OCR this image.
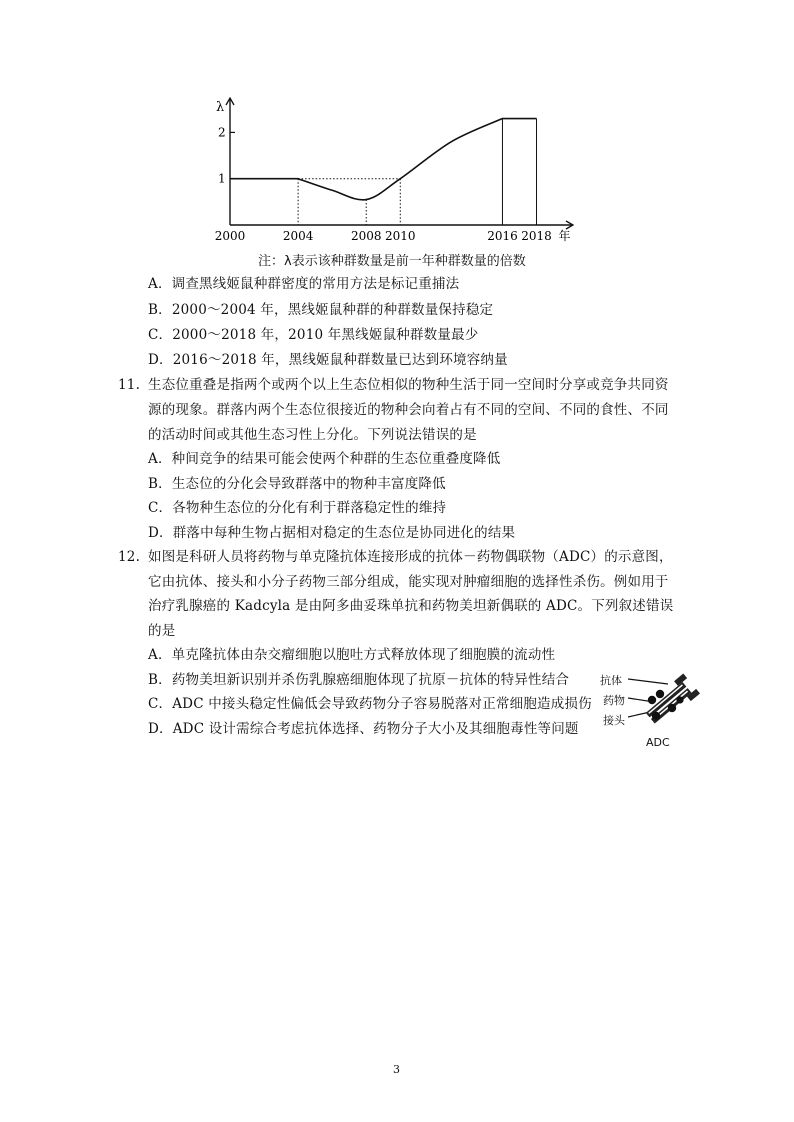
λ
2
1
2000	2004	2008 2010	2016 2018 年
注：λ表示该种群数量是前一年种群数量的倍数
A．调查黑线姬鼠种群密度的常用方法是标记重捕法
B．2000～2004 年，黑线姬鼠种群的种群数量保持稳定
C．2000～2018 年，2010 年黑线姬鼠种群数量最少
D．2016～2018 年，黑线姬鼠种群数量已达到环境容纳量
11. 生态位重叠是指两个或两个以上生态位相似的物种生活于同一空间时分享或竞争共同资
源的现象。群落内两个生态位很接近的物种会向着占有不同的空间、不同的食性、不同
的活动时间或其他生态习性上分化。下列说法错误的是
A．种间竞争的结果可能会使两个种群的生态位重叠度降低
B．生态位的分化会导致群落中的物种丰富度降低
C．各物种生态位的分化有利于群落稳定性的维持
D．群落中每种生物占据相对稳定的生态位是协同进化的结果
12. 如图是科研人员将药物与单克隆抗体连接形成的抗体－药物偶联物（ADC）的示意图，
它由抗体、接头和小分子药物三部分组成，能实现对肿瘤细胞的选择性杀伤。例如用于
治疗乳腺癌的 Kadcyla 是由阿多曲妥珠单抗和药物美坦新偶联的 ADC。下列叙述错误
的是
A．单克隆抗体由杂交瘤细胞以胞吐方式释放体现了细胞膜的流动性
B．药物美坦新识别并杀伤乳腺癌细胞体现了抗原－抗体的特异性结合
C．ADC 中接头稳定性偏低会导致药物分子容易脱落对正常细胞造成损伤
D．ADC 设计需综合考虑抗体选择、药物分子大小及其细胞毒性等问题
抗体
药物
接头
ADC
3
